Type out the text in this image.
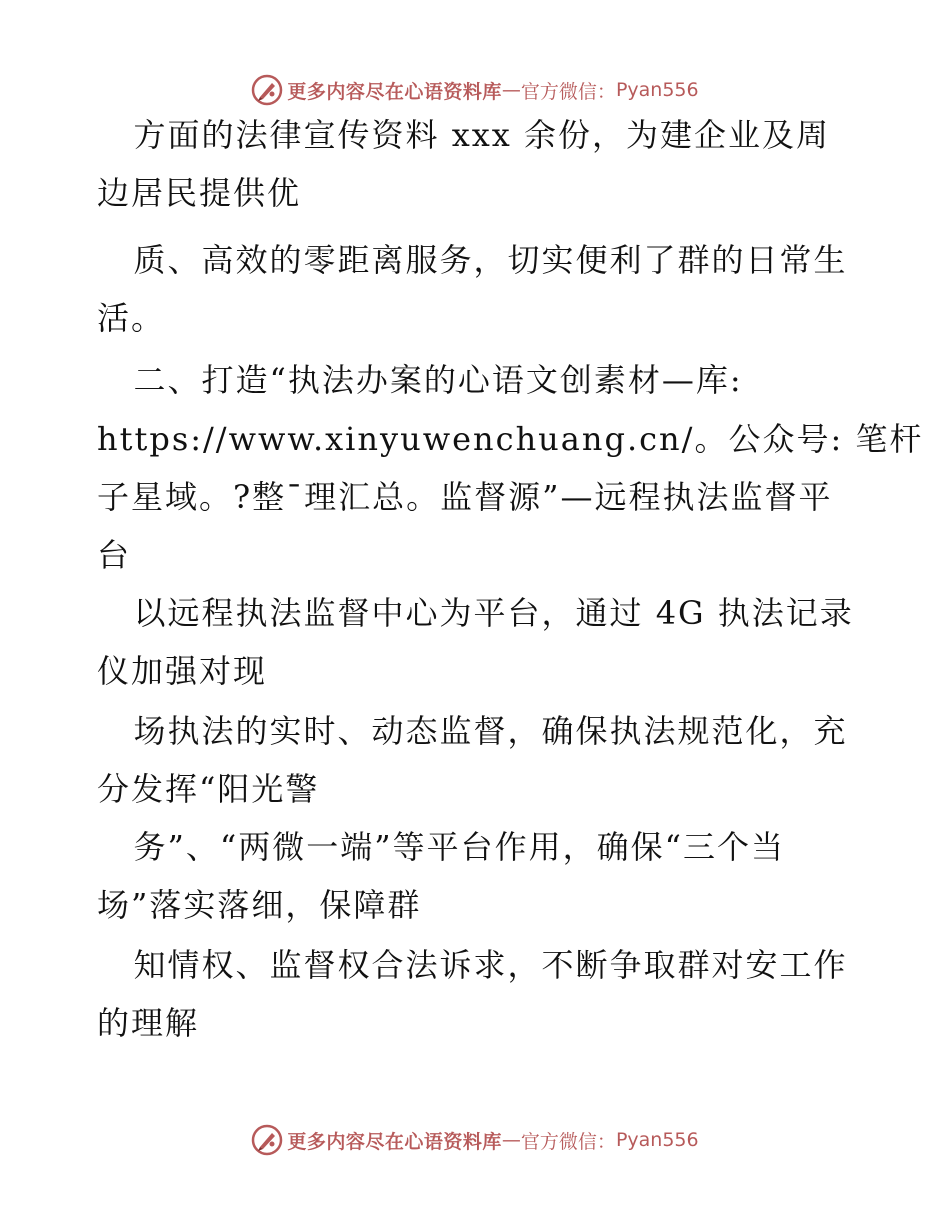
更多内容尽在心语资料库 — 官方微信： Pyan556
方面的法律宣传资料 xxx 余份，为建企业及周
边居民提供优
质、高效的零距离服务，切实便利了群的日常生
活。
二、打造“执法办案的心语文创素材—库:
https://www.xinyuwenchuang.cn/。公众号: 笔杆
子星域。?整¯理汇总。监督源”—远程执法监督平
台
以远程执法监督中心为平台，通过 4G 执法记录
仪加强对现
场执法的实时、动态监督，确保执法规范化，充
分发挥“阳光警
务”、“两微一端”等平台作用，确保“三个当
场”落实落细，保障群
知情权、监督权合法诉求，不断争取群对安工作
的理解
更多内容尽在心语资料库 — 官方微信： Pyan556
